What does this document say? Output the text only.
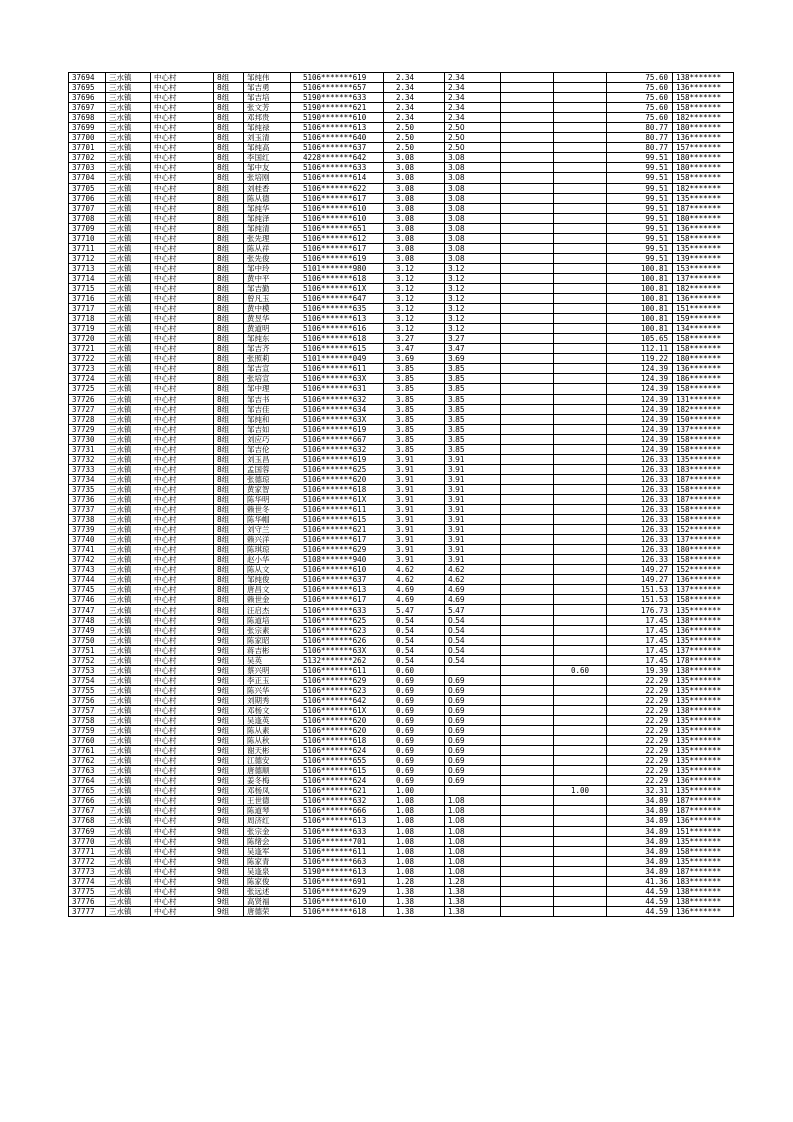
37694	三水镇	中心村	8组	邹纯伟	5106*******619	2.34	2.34			75.60	138*******
37695	三水镇	中心村	8组	邹吉勇	5106*******657	2.34	2.34			75.60	136*******
37696	三水镇	中心村	8组	邹吉培	5190*******633	2.34	2.34			75.60	158*******
37697	三水镇	中心村	8组	张文芳	5190*******621	2.34	2.34			75.60	158*******
37698	三水镇	中心村	8组	邓邦贵	5190*******610	2.34	2.34			75.60	182*******
37699	三水镇	中心村	8组	邹纯禄	5106*******613	2.50	2.50			80.77	180*******
37700	三水镇	中心村	8组	刘玉清	5106*******640	2.50	2.50			80.77	136*******
37701	三水镇	中心村	8组	邹纯高	5106*******637	2.50	2.50			80.77	157*******
37702	三水镇	中心村	8组	李国红	4228*******642	3.08	3.08			99.51	180*******
37703	三水镇	中心村	8组	邹中友	5106*******633	3.08	3.08			99.51	180*******
37704	三水镇	中心村	8组	张培刚	5106*******614	3.08	3.08			99.51	158*******
37705	三水镇	中心村	8组	刘桂香	5106*******622	3.08	3.08			99.51	182*******
37706	三水镇	中心村	8组	陈从德	5106*******617	3.08	3.08			99.51	135*******
37707	三水镇	中心村	8组	邹纯华	5106*******610	3.08	3.08			99.51	187*******
37708	三水镇	中心村	8组	邹纯泽	5106*******610	3.08	3.08			99.51	180*******
37709	三水镇	中心村	8组	邹纯清	5106*******651	3.08	3.08			99.51	136*******
37710	三水镇	中心村	8组	张先理	5106*******612	3.08	3.08			99.51	158*******
37711	三水镇	中心村	8组	陈从祥	5106*******617	3.08	3.08			99.51	135*******
37712	三水镇	中心村	8组	张先俊	5106*******619	3.08	3.08			99.51	139*******
37713	三水镇	中心村	8组	邹中玲	5101*******980	3.12	3.12			100.81	153*******
37714	三水镇	中心村	8组	黄中平	5106*******618	3.12	3.12			100.81	137*******
37715	三水镇	中心村	8组	邹吉勤	5106*******61X	3.12	3.12			100.81	182*******
37716	三水镇	中心村	8组	曾凡玉	5106*******647	3.12	3.12			100.81	136*******
37717	三水镇	中心村	8组	黄中模	5106*******635	3.12	3.12			100.81	151*******
37718	三水镇	中心村	8组	黄昱华	5106*******613	3.12	3.12			100.81	159*******
37719	三水镇	中心村	8组	黄道明	5106*******616	3.12	3.12			100.81	134*******
37720	三水镇	中心村	8组	邹纯东	5106*******618	3.27	3.27			105.65	158*******
37721	三水镇	中心村	8组	邹吉齐	5106*******615	3.47	3.47			112.11	158*******
37722	三水镇	中心村	8组	张照莉	5101*******049	3.69	3.69			119.22	180*******
37723	三水镇	中心村	8组	邹吉宣	5106*******611	3.85	3.85			124.39	136*******
37724	三水镇	中心村	8组	张培宣	5106*******63X	3.85	3.85			124.39	186*******
37725	三水镇	中心村	8组	邹中理	5106*******631	3.85	3.85			124.39	158*******
37726	三水镇	中心村	8组	邹吉书	5106*******632	3.85	3.85			124.39	131*******
37727	三水镇	中心村	8组	邹吉佳	5106*******634	3.85	3.85			124.39	182*******
37728	三水镇	中心村	8组	邹纯和	5106*******63X	3.85	3.85			124.39	150*******
37729	三水镇	中心村	8组	邹吉如	5106*******619	3.85	3.85			124.39	137*******
37730	三水镇	中心村	8组	刘应巧	5106*******667	3.85	3.85			124.39	158*******
37731	三水镇	中心村	8组	邹吉伦	5106*******632	3.85	3.85			124.39	158*******
37732	三水镇	中心村	8组	刘玉昌	5106*******619	3.91	3.91			126.33	135*******
37733	三水镇	中心村	8组	孟国蓉	5106*******625	3.91	3.91			126.33	183*******
37734	三水镇	中心村	8组	张德琼	5106*******620	3.91	3.91			126.33	187*******
37735	三水镇	中心村	8组	黄家智	5106*******618	3.91	3.91			126.33	158*******
37736	三水镇	中心村	8组	陈华明	5106*******61X	3.91	3.91			126.33	187*******
37737	三水镇	中心村	8组	赖世冬	5106*******611	3.91	3.91			126.33	158*******
37738	三水镇	中心村	8组	陈华帽	5106*******615	3.91	3.91			126.33	158*******
37739	三水镇	中心村	8组	刘守兰	5106*******621	3.91	3.91			126.33	152*******
37740	三水镇	中心村	8组	赖兴洋	5106*******617	3.91	3.91			126.33	137*******
37741	三水镇	中心村	8组	陈琪琼	5106*******629	3.91	3.91			126.33	180*******
37742	三水镇	中心村	8组	赵小华	5108*******940	3.91	3.91			126.33	158*******
37743	三水镇	中心村	8组	陈从文	5106*******610	4.62	4.62			149.27	152*******
37744	三水镇	中心村	8组	邹纯俊	5106*******637	4.62	4.62			149.27	136*******
37745	三水镇	中心村	8组	唐昌文	5106*******613	4.69	4.69			151.53	137*******
37746	三水镇	中心村	8组	赖世金	5106*******617	4.69	4.69			151.53	158*******
37747	三水镇	中心村	8组	汪启杰	5106*******633	5.47	5.47			176.73	135*******
37748	三水镇	中心村	9组	陈道培	5106*******625	0.54	0.54			17.45	138*******
37749	三水镇	中心村	9组	张宗素	5106*******623	0.54	0.54			17.45	136*******
37750	三水镇	中心村	9组	陈家昭	5106*******626	0.54	0.54			17.45	135*******
37751	三水镇	中心村	9组	蒋吉彬	5106*******63X	0.54	0.54			17.45	137*******
37752	三水镇	中心村	9组	吴英	5132*******262	0.54	0.54			17.45	178*******
37753	三水镇	中心村	9组	蔡兴明	5106*******611	0.60			0.60	19.39	138*******
37754	三水镇	中心村	9组	李正玉	5106*******629	0.69	0.69			22.29	135*******
37755	三水镇	中心村	9组	陈兴华	5106*******623	0.69	0.69			22.29	135*******
37756	三水镇	中心村	9组	刘期秀	5106*******642	0.69	0.69			22.29	135*******
37757	三水镇	中心村	9组	邓杨文	5106*******61X	0.69	0.69			22.29	138*******
37758	三水镇	中心村	9组	吴逢英	5106*******620	0.69	0.69			22.29	135*******
37759	三水镇	中心村	9组	陈从素	5106*******620	0.69	0.69			22.29	135*******
37760	三水镇	中心村	9组	陈从秋	5106*******618	0.69	0.69			22.29	135*******
37761	三水镇	中心村	9组	谢天彬	5106*******624	0.69	0.69			22.29	135*******
37762	三水镇	中心村	9组	江德安	5106*******655	0.69	0.69			22.29	135*******
37763	三水镇	中心村	9组	唐德顺	5106*******615	0.69	0.69			22.29	135*******
37764	三水镇	中心村	9组	姜冬梅	5106*******624	0.69	0.69			22.29	136*******
37765	三水镇	中心村	9组	邓杨凤	5106*******621	1.00			1.00	32.31	135*******
37766	三水镇	中心村	9组	王世德	5106*******632	1.08	1.08			34.89	187*******
37767	三水镇	中心村	9组	陈道琴	5106*******666	1.08	1.08			34.89	187*******
37768	三水镇	中心村	9组	周济红	5106*******613	1.08	1.08			34.89	136*******
37769	三水镇	中心村	9组	张宗金	5106*******633	1.08	1.08			34.89	151*******
37770	三水镇	中心村	9组	陈绪会	5106*******701	1.08	1.08			34.89	135*******
37771	三水镇	中心村	9组	吴逢军	5106*******611	1.08	1.08			34.89	158*******
37772	三水镇	中心村	9组	陈家青	5106*******663	1.08	1.08			34.89	135*******
37773	三水镇	中心村	9组	吴逢泉	5190*******613	1.08	1.08			34.89	187*******
37774	三水镇	中心村	9组	陈家俊	5106*******691	1.28	1.28			41.36	183*******
37775	三水镇	中心村	9组	张远述	5106*******629	1.38	1.38			44.59	138*******
37776	三水镇	中心村	9组	高贤福	5106*******610	1.38	1.38			44.59	138*******
37777	三水镇	中心村	9组	唐德荣	5106*******618	1.38	1.38			44.59	136*******
